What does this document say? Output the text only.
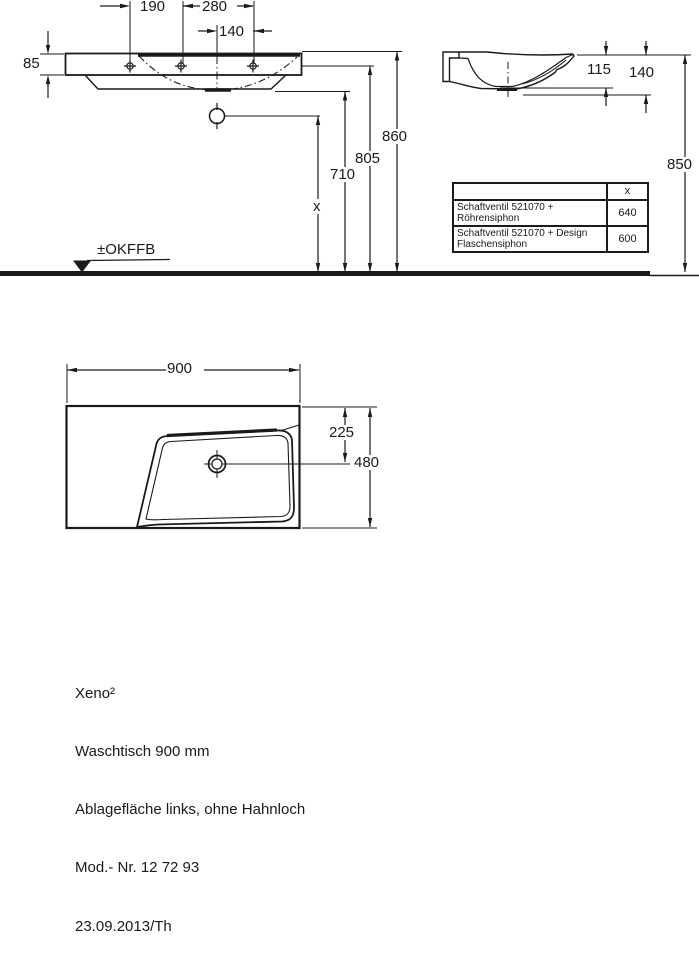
190 280
140
85
860
805
710
x
115 140
850
900
225
480
±OKFFB
	x
Schaftventil 521070 + Röhrensiphon	640
Schaftventil 521070 + Design Flaschensiphon	600

Xeno²

Waschtisch 900 mm

Ablagefläche links, ohne Hahnloch

Mod.- Nr. 12 72 93

23.09.2013/Th
